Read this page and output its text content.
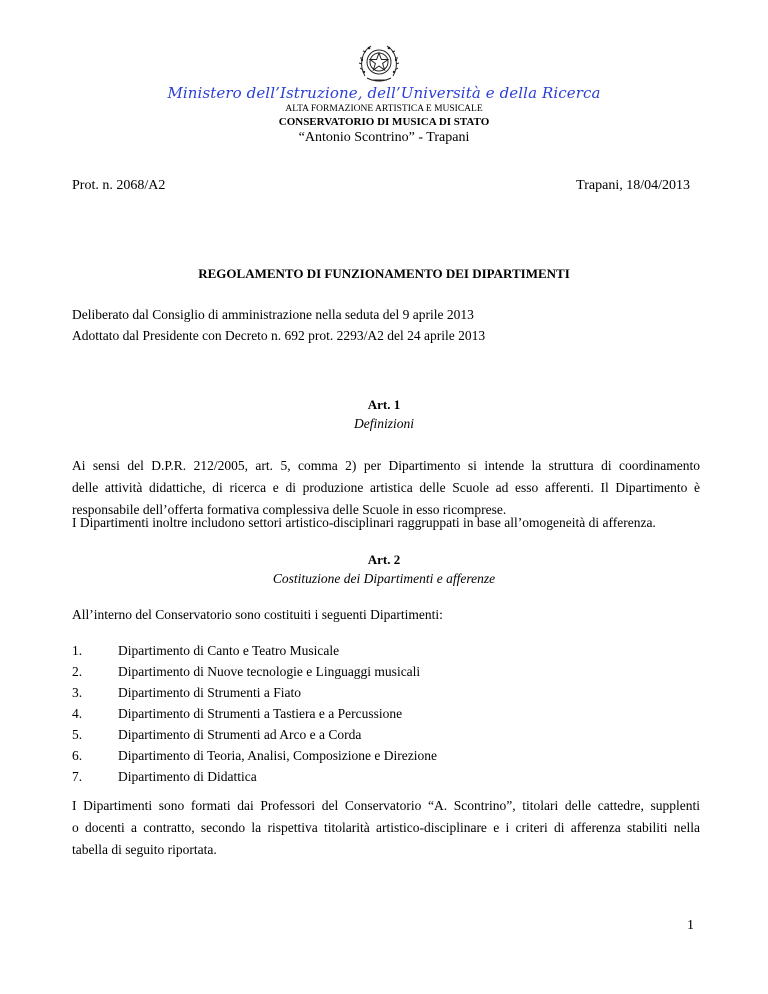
Ministero dell’Istruzione, dell’Università e della Ricerca
ALTA FORMAZIONE ARTISTICA E MUSICALE
CONSERVATORIO DI MUSICA DI STATO
“Antonio Scontrino” - Trapani
Prot. n. 2068/A2	Trapani, 18/04/2013
REGOLAMENTO DI FUNZIONAMENTO DEI DIPARTIMENTI
Deliberato dal Consiglio di amministrazione nella seduta del 9 aprile 2013
Adottato dal Presidente con Decreto n. 692 prot. 2293/A2 del 24 aprile 2013
Art. 1
Definizioni
Ai sensi del D.P.R. 212/2005, art. 5, comma 2) per Dipartimento si intende la struttura di coordinamento
delle attività didattiche, di ricerca e di produzione artistica delle Scuole ad esso afferenti. Il Dipartimento è
responsabile dell’offerta formativa complessiva delle Scuole in esso ricomprese.
I Dipartimenti inoltre includono settori artistico-disciplinari raggruppati in base all’omogeneità di afferenza.
Art. 2
Costituzione dei Dipartimenti e afferenze
All’interno del Conservatorio sono costituiti i seguenti Dipartimenti:
1.	Dipartimento di Canto e Teatro Musicale
2.	Dipartimento di Nuove tecnologie e Linguaggi musicali
3.	Dipartimento di Strumenti a Fiato
4.	Dipartimento di Strumenti a Tastiera e a Percussione
5.	Dipartimento di Strumenti ad Arco e a Corda
6.	Dipartimento di Teoria, Analisi, Composizione e Direzione
7.	Dipartimento di Didattica
I Dipartimenti sono formati dai Professori del Conservatorio “A. Scontrino”, titolari delle cattedre, supplenti
o docenti a contratto, secondo la rispettiva titolarità artistico-disciplinare e i criteri di afferenza stabiliti nella
tabella di seguito riportata.
1
